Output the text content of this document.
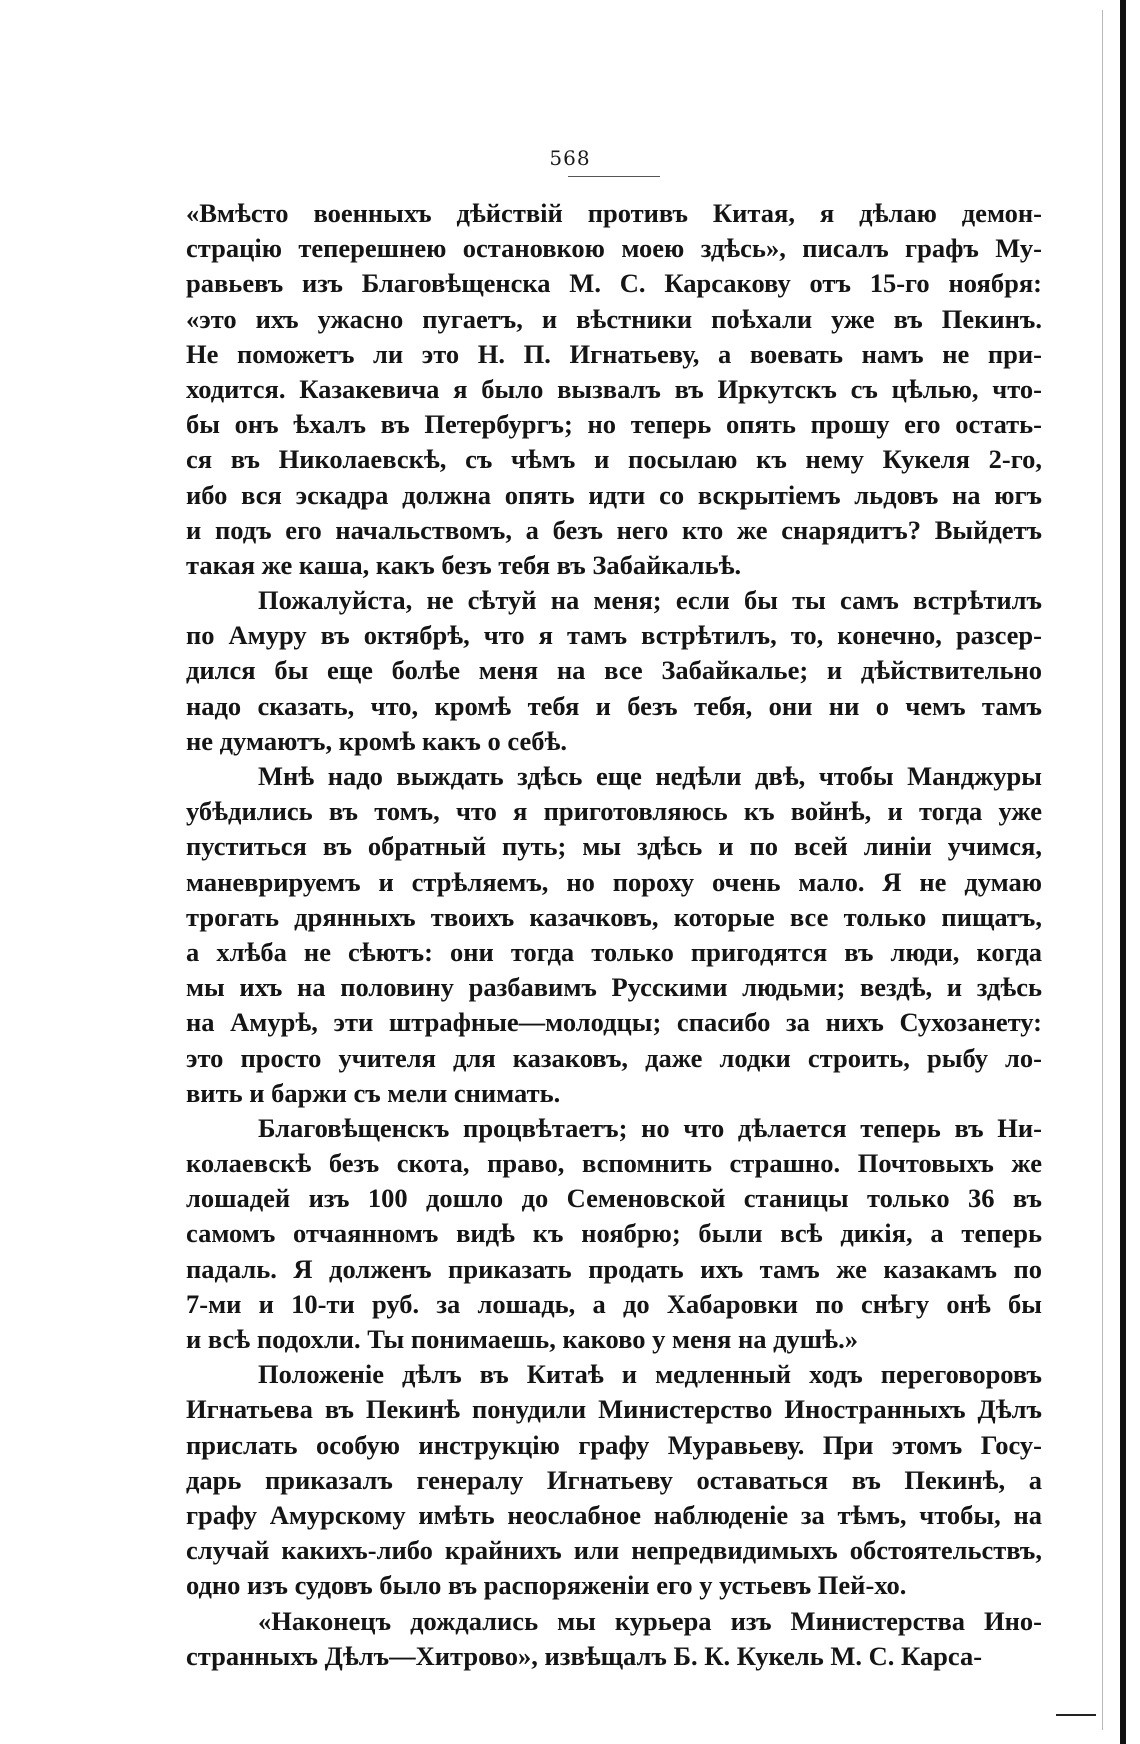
568
«Вмѣсто военныхъ дѣйствій противъ Китая, я дѣлаю демон-
страцію теперешнею остановкою моею здѣсь», писалъ графъ Му-
равьевъ изъ Благовѣщенска М. С. Карсакову отъ 15-го ноября:
«это ихъ ужасно пугаетъ, и вѣстники поѣхали уже въ Пекинъ.
Не поможетъ ли это Н. П. Игнатьеву, а воевать намъ не при-
ходится. Казакевича я было вызвалъ въ Иркутскъ съ цѣлью, что-
бы онъ ѣхалъ въ Петербургъ; но теперь опять прошу его остать-
ся въ Николаевскѣ, съ чѣмъ и посылаю къ нему Кукеля 2-го,
ибо вся эскадра должна опять идти со вскрытіемъ льдовъ на югъ
и подъ его начальствомъ, а безъ него кто же снарядитъ? Выйдетъ
такая же каша, какъ безъ тебя въ Забайкальѣ.
Пожалуйста, не сѣтуй на меня; если бы ты самъ встрѣтилъ
по Амуру въ октябрѣ, что я тамъ встрѣтилъ, то, конечно, разсер-
дился бы еще болѣе меня на все Забайкалье; и дѣйствительно
надо сказать, что, кромѣ тебя и безъ тебя, они ни о чемъ тамъ
не думаютъ, кромѣ какъ о себѣ.
Мнѣ надо выждать здѣсь еще недѣли двѣ, чтобы Манджуры
убѣдились въ томъ, что я приготовляюсь къ войнѣ, и тогда уже
пуститься въ обратный путь; мы здѣсь и по всей линіи учимся,
маневрируемъ и стрѣляемъ, но пороху очень мало. Я не думаю
трогать дрянныхъ твоихъ казачковъ, которые все только пищатъ,
а хлѣба не сѣютъ: они тогда только пригодятся въ люди, когда
мы ихъ на половину разбавимъ Русскими людьми; вездѣ, и здѣсь
на Амурѣ, эти штрафные—молодцы; спасибо за нихъ Сухозанету:
это просто учителя для казаковъ, даже лодки строить, рыбу ло-
вить и баржи съ мели снимать.
Благовѣщенскъ процвѣтаетъ; но что дѣлается теперь въ Ни-
колаевскѣ безъ скота, право, вспомнить страшно. Почтовыхъ же
лошадей изъ 100 дошло до Семеновской станицы только 36 въ
самомъ отчаянномъ видѣ къ ноябрю; были всѣ дикія, а теперь
падаль. Я долженъ приказать продать ихъ тамъ же казакамъ по
7-ми и 10-ти руб. за лошадь, а до Хабаровки по снѣгу онѣ бы
и всѣ подохли. Ты понимаешь, каково у меня на душѣ.»
Положеніе дѣлъ въ Китаѣ и медленный ходъ переговоровъ
Игнатьева въ Пекинѣ понудили Министерство Иностранныхъ Дѣлъ
прислать особую инструкцію графу Муравьеву. При этомъ Госу-
дарь приказалъ генералу Игнатьеву оставаться въ Пекинѣ, а
графу Амурскому имѣть неослабное наблюденіе за тѣмъ, чтобы, на
случай какихъ-либо крайнихъ или непредвидимыхъ обстоятельствъ,
одно изъ судовъ было въ распоряженіи его у устьевъ Пей-хо.
«Наконецъ дождались мы курьера изъ Министерства Ино-
странныхъ Дѣлъ—Хитрово», извѣщалъ Б. К. Кукель М. С. Карса-
